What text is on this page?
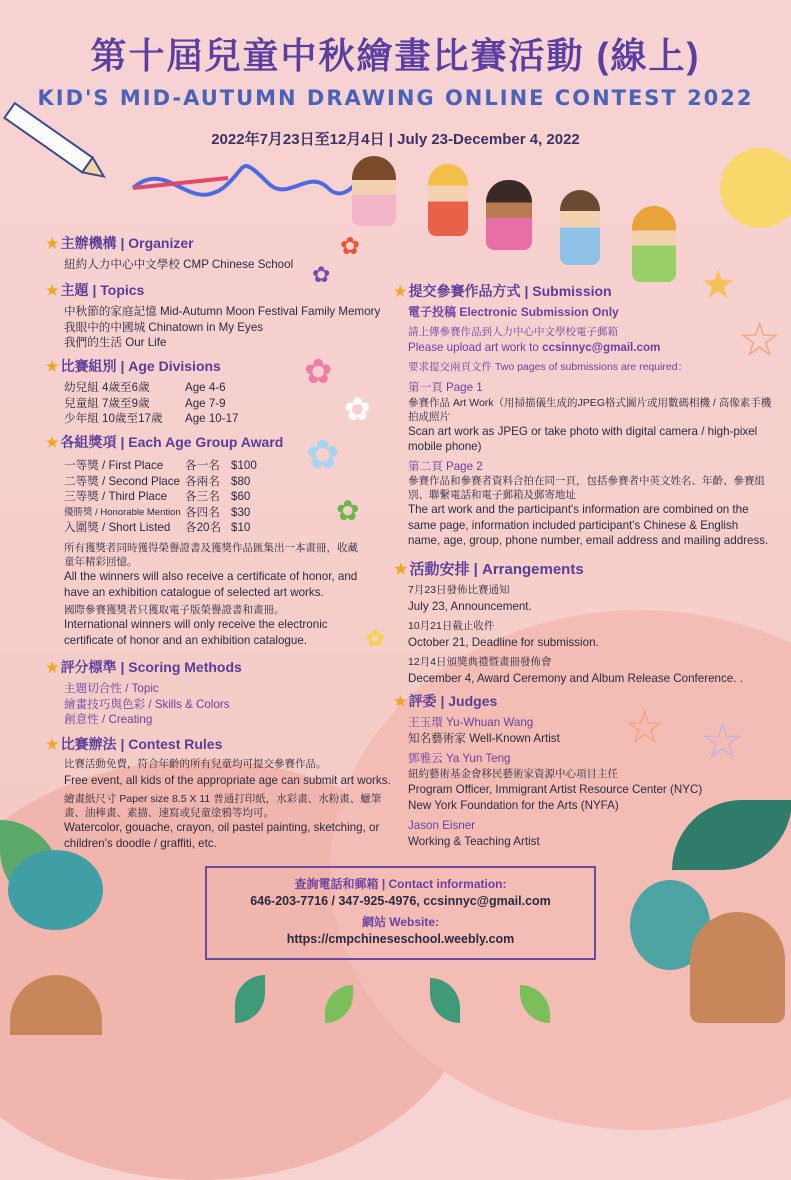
第十屆兒童中秋繪畫比賽活動 (線上)
KID'S MID-AUTUMN DRAWING ONLINE CONTEST 2022
2022年7月23日至12月4日 | July 23-December 4, 2022
★ 主辦機構 | Organizer
紐約人力中心中文學校 CMP Chinese School
★ 主題 | Topics
中秋節的家庭記憶 Mid-Autumn Moon Festival Family Memory
我眼中的中國城 Chinatown in My Eyes
我們的生活 Our Life
★ 比賽組別 | Age Divisions
幼兒組 4歲至6歲	Age 4-6
兒童組 7歲至9歲	Age 7-9
少年組 10歲至17歲	Age 10-17
★ 各組獎項 | Each Age Group Award
一等獎 / First Place	各一名 $100
二等獎 / Second Place 各兩名 $80
三等獎 / Third Place	各三名 $60
優勝獎 / Honorable Mention 各四名 $30
入圍獎 / Short Listed	各20名 $10
所有獲獎者同時獲得榮譽證書及獲獎作品匯集出一本畫冊，收藏童年精彩回憶。
All the winners will also receive a certificate of honor, and have an exhibition catalogue of selected art works.
國際參賽獲獎者只獲取電子版榮譽證書和畫冊。
International winners will only receive the electronic certificate of honor and an exhibition catalogue.
★ 評分標準 | Scoring Methods
主題切合性 / Topic
繪畫技巧與色彩 / Skills & Colors
創意性 / Creating
★ 比賽辦法 | Contest Rules
比賽活動免費，符合年齡的所有兒童均可提交參賽作品。
Free event, all kids of the appropriate age can submit art works.
繪畫紙尺寸 Paper size 8.5 X 11 普通打印紙，水彩畫、水粉畫、蠟筆畫、油棒畫、素描、速寫或兒童塗鴉等均可。
Watercolor, gouache, crayon, oil pastel painting, sketching, or children's doodle / graffiti, etc.
★ 提交參賽作品方式 | Submission
電子投稿 Electronic Submission Only
請上傳參賽作品到人力中心中文學校電子郵箱
Please upload art work to ccsinnyc@gmail.com
要求提交兩頁文件 Two pages of submissions are required：
第一頁 Page 1
參賽作品 Art Work（用掃描儀生成的JPEG格式圖片或用數碼相機 / 高像素手機拍成照片
Scan art work as JPEG or take photo with digital camera / high-pixel mobile phone)
第二頁 Page 2
參賽作品和參賽者資料合拍在同一頁，包括參賽者中英文姓名、年齡、參賽組別、聯繫電話和電子郵箱及郵寄地址
The art work and the participant's information are combined on the same page, information included participant's Chinese & English name, age, group, phone number, email address and mailing address.
★ 活動安排 | Arrangements
7月23日發佈比賽通知
July 23, Announcement.
10月21日截止收件
October 21, Deadline for submission.
12月4日頒獎典禮暨畫冊發佈會
December 4, Award Ceremony and Album Release Conference. .
★ 評委 | Judges
王玉環 Yu-Whuan Wang
知名藝術家 Well-Known Artist
鄧雅云 Ya Yun Teng
紐約藝術基金會移民藝術家資源中心項目主任
Program Officer, Immigrant Artist Resource Center (NYC)
New York Foundation for the Arts (NYFA)
Jason Eisner
Working & Teaching Artist
查詢電話和郵箱 | Contact information:
646-203-7716 / 347-925-4976, ccsinnyc@gmail.com
網站 Website:
https://cmpchineseschool.weebly.com
✿
✿
✿
✿
✿
✿
✿
☆
☆ ☆
★
